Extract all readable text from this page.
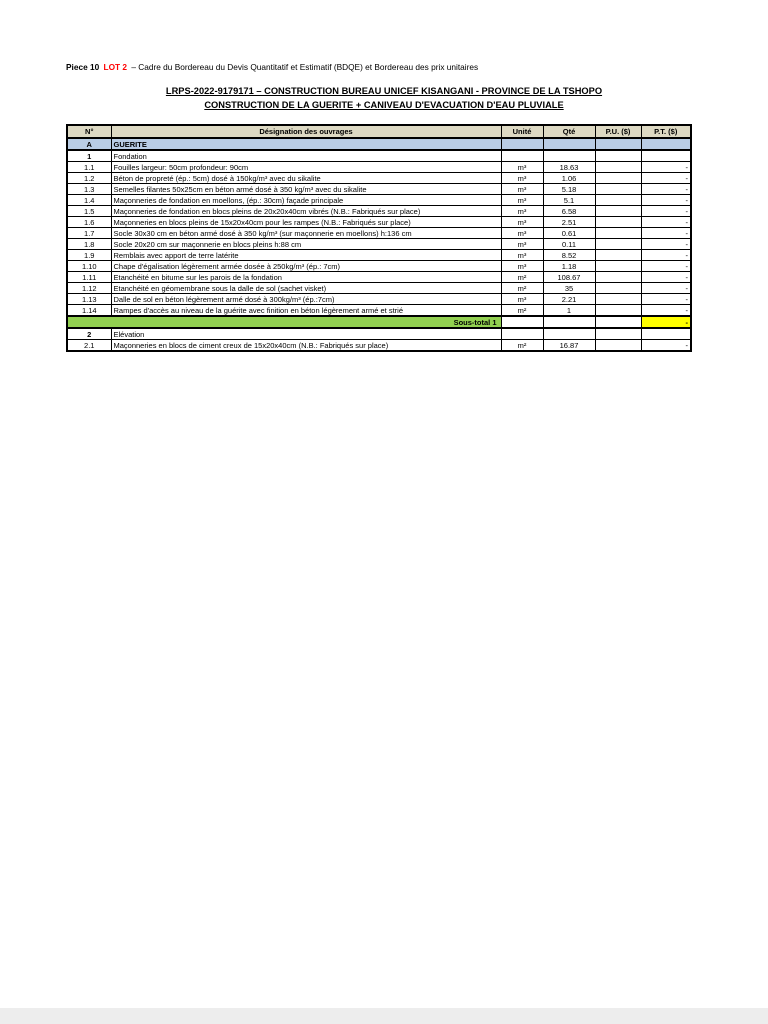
Piece 10 LOT 2 – Cadre du Bordereau du Devis Quantitatif et Estimatif (BDQE) et Bordereau des prix unitaires
LRPS-2022-9179171 – CONSTRUCTION BUREAU UNICEF KISANGANI - PROVINCE DE LA TSHOPO
CONSTRUCTION DE LA GUERITE + CANIVEAU D'EVACUATION D'EAU PLUVIALE
N°	Désignation des ouvrages	Unité	Qté	P.U. ($)	P.T. ($)
A	GUERITE				
1	Fondation				
1.1	Fouilles largeur: 50cm profondeur: 90cm	m³	18.63		-
1.2	Béton de propreté (ép.: 5cm) dosé à 150kg/m³ avec du sikalite	m³	1.06		-
1.3	Semelles filantes 50x25cm en béton armé dosé à 350 kg/m³ avec du sikalite	m³	5.18		-
1.4	Maçonneries de fondation en moellons, (ép.: 30cm) façade principale	m³	5.1		-
1.5	Maçonneries de fondation en blocs pleins de 20x20x40cm vibrés (N.B.: Fabriqués sur place)	m³	6.58		-
1.6	Maçonneries en blocs pleins de 15x20x40cm pour les rampes (N.B.: Fabriqués sur place)	m³	2.51		-
1.7	Socle 30x30 cm en béton armé dosé à 350 kg/m³ (sur maçonnerie en moellons) h:136 cm	m³	0.61		-
1.8	Socle 20x20 cm sur maçonnerie en blocs pleins h:88 cm	m³	0.11		-
1.9	Remblais avec apport de terre latérite	m³	8.52		-
1.10	Chape d'égalisation légèrement armée dosée à 250kg/m³ (ép.: 7cm)	m³	1.18		-
1.11	Etanchéité en bitume sur les parois de la fondation	m²	108.67		-
1.12	Etanchéité en géomembrane sous la dalle de sol (sachet visket)	m²	35		-
1.13	Dalle de sol en béton légèrement armé dosé à 300kg/m³ (ép.:7cm)	m³	2.21		-
1.14	Rampes d'accès au niveau de la guérite avec finition en béton légèrement armé et strié	m²	1		-
Sous-total 1					-
2	Elévation				
2.1	Maçonneries en blocs de ciment creux de 15x20x40cm (N.B.: Fabriqués sur place)	m²	16.87		-
